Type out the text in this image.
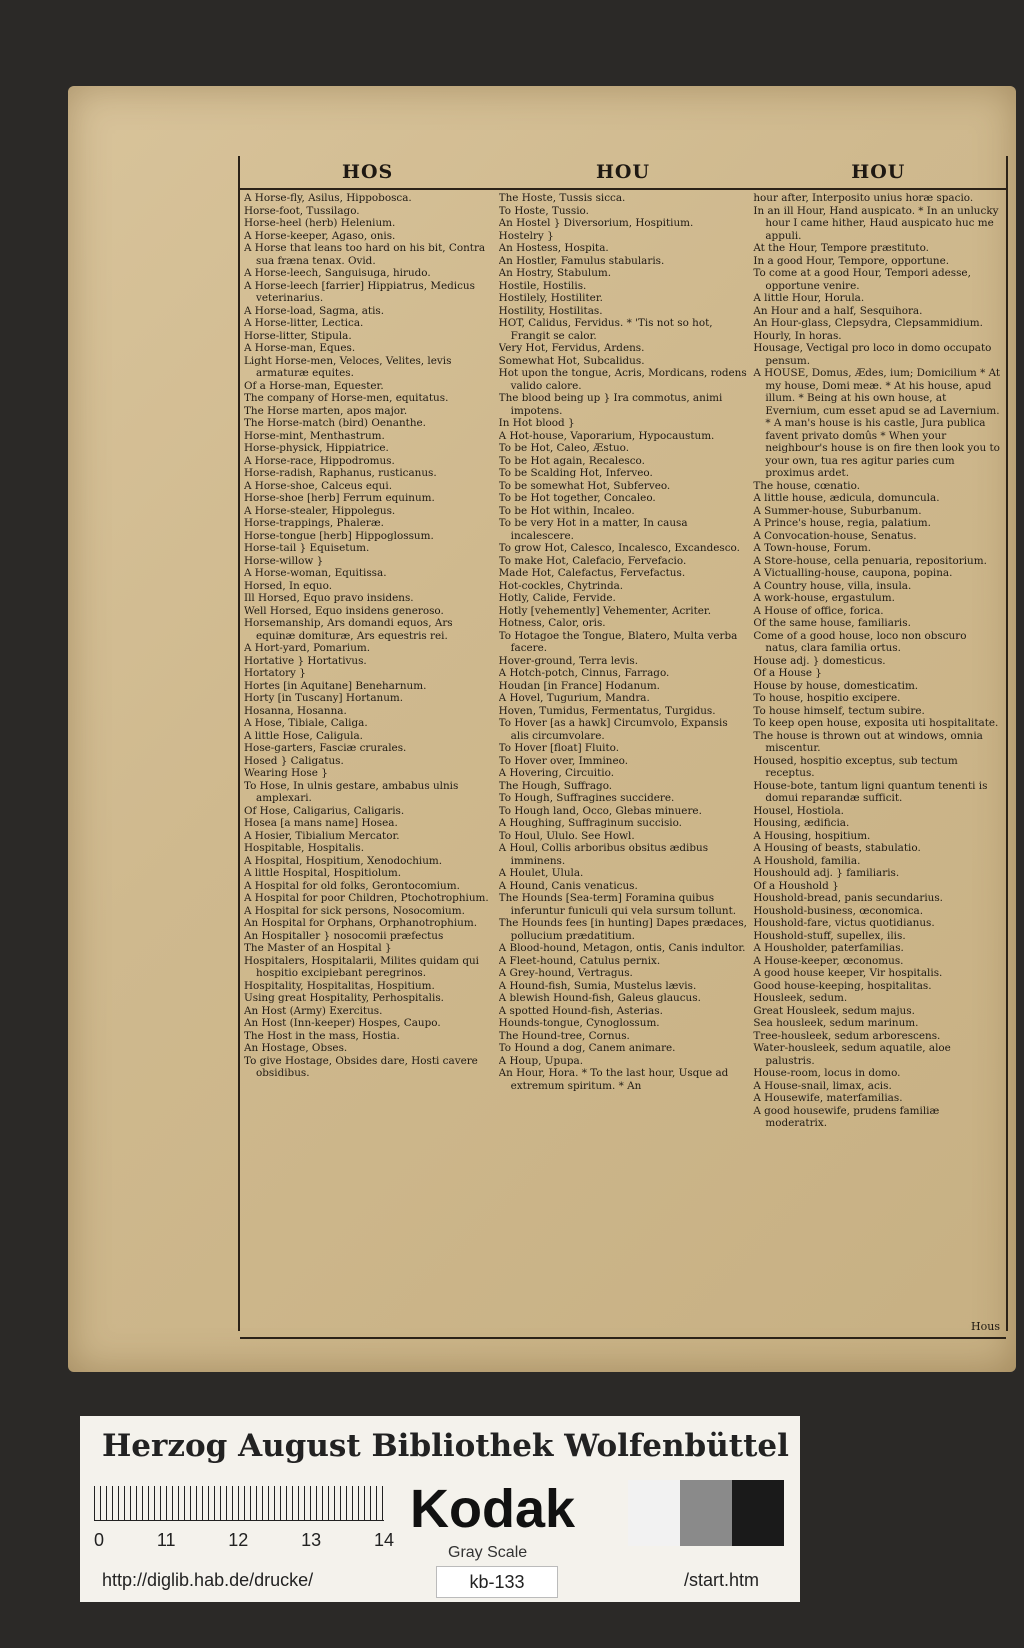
HOS	HOU	HOU

A Horse-fly, Asilus, Hippobosca.

Horse-foot, Tussilago.

Horse-heel (herb) Helenium.

A Horse-keeper, Agaso, onis.

A Horse that leans too hard on his bit, Contra sua fræna tenax. Ovid.

A Horse-leech, Sanguisuga, hirudo.

A Horse-leech [farrier] Hippiatrus, Medicus veterinarius.

A Horse-load, Sagma, atis.

A Horse-litter, Lectica.

Horse-litter, Stipula.

A Horse-man, Eques.

Light Horse-men, Veloces, Velites, levis armaturæ equites.

Of a Horse-man, Equester.

The company of Horse-men, equitatus.

The Horse marten, apos major.

The Horse-match (bird) Oenanthe.

Horse-mint, Menthastrum.

Horse-physick, Hippiatrice.

A Horse-race, Hippodromus.

Horse-radish, Raphanus, rusticanus.

A Horse-shoe, Calceus equi.

Horse-shoe [herb] Ferrum equinum.

A Horse-stealer, Hippolegus.

Horse-trappings, Phaleræ.

Horse-tongue [herb] Hippoglossum.

Horse-tail } Equisetum.

Horse-willow }

A Horse-woman, Equitissa.

Horsed, In equo.

Ill Horsed, Equo pravo insidens.

Well Horsed, Equo insidens generoso.

Horsemanship, Ars domandi equos, Ars equinæ domituræ, Ars equestris rei.

A Hort-yard, Pomarium.

Hortative } Hortativus.

Hortatory }

Hortes [in Aquitane] Beneharnum.

Horty [in Tuscany] Hortanum.

Hosanna, Hosanna.

A Hose, Tibiale, Caliga.

A little Hose, Caligula.

Hose-garters, Fasciæ crurales.

Hosed } Caligatus.

Wearing Hose }

To Hose, In ulnis gestare, ambabus ulnis amplexari.

Of Hose, Caligarius, Caligaris.

Hosea [a mans name] Hosea.

A Hosier, Tibialium Mercator.

Hospitable, Hospitalis.

A Hospital, Hospitium, Xenodochium.

A little Hospital, Hospitiolum.

A Hospital for old folks, Gerontocomium.

A Hospital for poor Children, Ptochotrophium.

A Hospital for sick persons, Nosocomium.

An Hospital for Orphans, Orphanotrophium.

An Hospitaller } nosocomii præfectus

The Master of an Hospital }

Hospitalers, Hospitalarii, Milites quidam qui hospitio excipiebant peregrinos.

Hospitality, Hospitalitas, Hospitium.

Using great Hospitality, Perhospitalis.

An Host (Army) Exercitus.

An Host (Inn-keeper) Hospes, Caupo.

The Host in the mass, Hostia.

An Hostage, Obses.

To give Hostage, Obsides dare, Hosti cavere obsidibus.

The Hoste, Tussis sicca.

To Hoste, Tussio.

An Hostel } Diversorium, Hospitium.

Hostelry }

An Hostess, Hospita.

An Hostler, Famulus stabularis.

An Hostry, Stabulum.

Hostile, Hostilis.

Hostilely, Hostiliter.

Hostility, Hostilitas.

HOT, Calidus, Fervidus. * 'Tis not so hot, Frangit se calor.

Very Hot, Fervidus, Ardens.

Somewhat Hot, Subcalidus.

Hot upon the tongue, Acris, Mordicans, rodens valido calore.

The blood being up } Ira commotus, animi impotens.

In Hot blood }

A Hot-house, Vaporarium, Hypocaustum.

To be Hot, Caleo, Æstuo.

To be Hot again, Recalesco.

To be Scalding Hot, Inferveo.

To be somewhat Hot, Subferveo.

To be Hot together, Concaleo.

To be Hot within, Incaleo.

To be very Hot in a matter, In causa incalescere.

To grow Hot, Calesco, Incalesco, Excandesco.

To make Hot, Calefacio, Fervefacio.

Made Hot, Calefactus, Fervefactus.

Hot-cockles, Chytrinda.

Hotly, Calide, Fervide.

Hotly [vehemently] Vehementer, Acriter.

Hotness, Calor, oris.

To Hotagoe the Tongue, Blatero, Multa verba facere.

Hover-ground, Terra levis.

A Hotch-potch, Cinnus, Farrago.

Houdan [in France] Hodanum.

A Hovel, Tugurium, Mandra.

Hoven, Tumidus, Fermentatus, Turgidus.

To Hover [as a hawk] Circumvolo, Expansis alis circumvolare.

To Hover [float] Fluito.

To Hover over, Immineo.

A Hovering, Circuitio.

The Hough, Suffrago.

To Hough, Suffragines succidere.

To Hough land, Occo, Glebas minuere.

A Houghing, Suffraginum succisio.

To Houl, Ululo. See Howl.

A Houl, Collis arboribus obsitus ædibus imminens.

A Houlet, Ulula.

A Hound, Canis venaticus.

The Hounds [Sea-term] Foramina quibus inferuntur funiculi qui vela sursum tollunt.

The Hounds fees [in hunting] Dapes prædaces, pollucium prædatitium.

A Blood-hound, Metagon, ontis, Canis indultor.

A Fleet-hound, Catulus pernix.

A Grey-hound, Vertragus.

A Hound-fish, Sumia, Mustelus lævis.

A blewish Hound-fish, Galeus glaucus.

A spotted Hound-fish, Asterias.

Hounds-tongue, Cynoglossum.

The Hound-tree, Cornus.

To Hound a dog, Canem animare.

A Houp, Upupa.

An Hour, Hora. * To the last hour, Usque ad extremum spiritum. * An

hour after, Interposito unius horæ spacio.

In an ill Hour, Hand auspicato. * In an unlucky hour I came hither, Haud auspicato huc me appuli.

At the Hour, Tempore præstituto.

In a good Hour, Tempore, opportune.

To come at a good Hour, Tempori adesse, opportune venire.

A little Hour, Horula.

An Hour and a half, Sesquihora.

An Hour-glass, Clepsydra, Clepsammidium.

Hourly, In horas.

Housage, Vectigal pro loco in domo occupato pensum.

A HOUSE, Domus, Ædes, ium; Domicilium * At my house, Domi meæ. * At his house, apud illum. * Being at his own house, at Evernium, cum esset apud se ad Lavernium. * A man's house is his castle, Jura publica favent privato domûs * When your neighbour's house is on fire then look you to your own, tua res agitur paries cum proximus ardet.

The house, cœnatio.

A little house, ædicula, domuncula.

A Summer-house, Suburbanum.

A Prince's house, regia, palatium.

A Convocation-house, Senatus.

A Town-house, Forum.

A Store-house, cella penuaria, repositorium.

A Victualling-house, caupona, popina.

A Country house, villa, insula.

A work-house, ergastulum.

A House of office, forica.

Of the same house, familiaris.

Come of a good house, loco non obscuro natus, clara familia ortus.

House adj. } domesticus.

Of a House }

House by house, domesticatim.

To house, hospitio excipere.

To house himself, tectum subire.

To keep open house, exposita uti hospitalitate.

The house is thrown out at windows, omnia miscentur.

Housed, hospitio exceptus, sub tectum receptus.

House-bote, tantum ligni quantum tenenti is domui reparandæ sufficit.

Housel, Hostiola.

Housing, ædificia.

A Housing, hospitium.

A Housing of beasts, stabulatio.

A Houshold, familia.

Houshould adj. } familiaris.

Of a Houshold }

Houshold-bread, panis secundarius.

Houshold-business, œconomica.

Houshold-fare, victus quotidianus.

Houshold-stuff, supellex, ilis.

A Housholder, paterfamilias.

A House-keeper, œconomus.

A good house keeper, Vir hospitalis.

Good house-keeping, hospitalitas.

Housleek, sedum.

Great Housleek, sedum majus.

Sea housleek, sedum marinum.

Tree-housleek, sedum arborescens.

Water-housleek, sedum aquatile, aloe palustris.

House-room, locus in domo.

A House-snail, limax, acis.

A Housewife, materfamilias.

A good housewife, prudens familiæ moderatrix.

Hous
Herzog August Bibliothek Wolfenbüttel
0	11	12	13	14
Kodak
Gray Scale
http://diglib.hab.de/drucke/	kb-133	/start.htm
